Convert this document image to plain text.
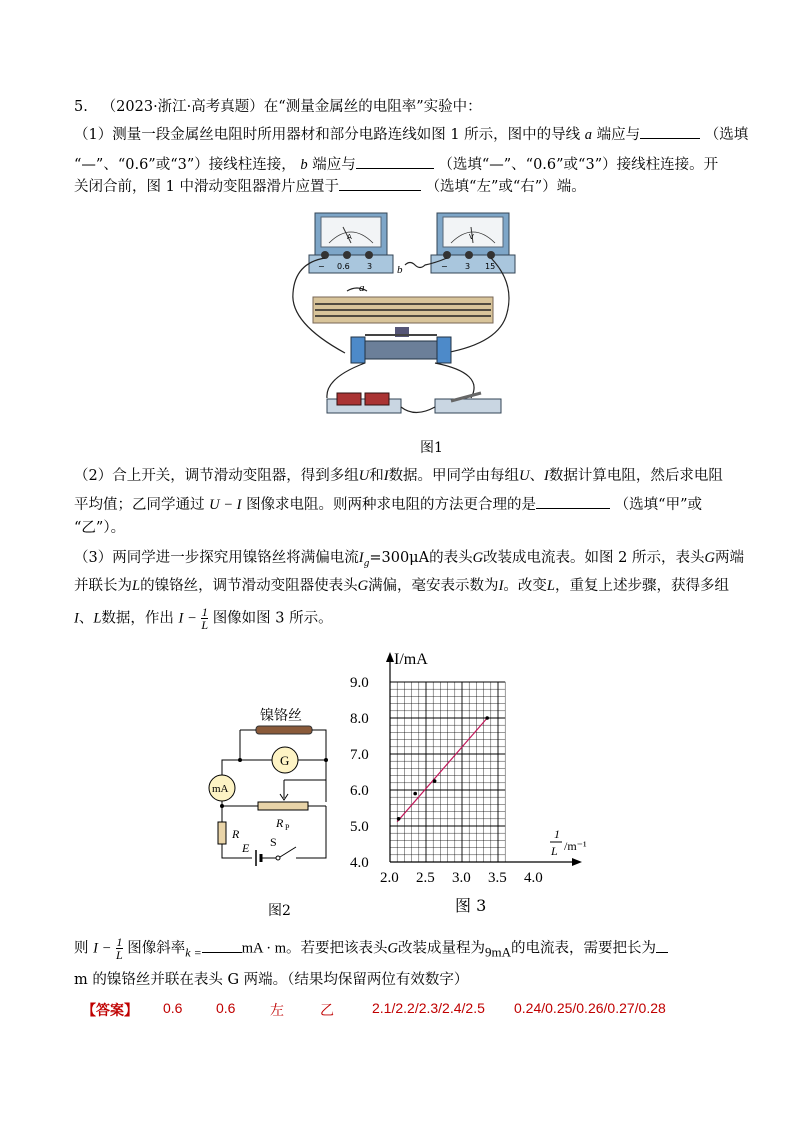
5. （2023·浙江·高考真题）在“测量金属丝的电阻率”实验中：
（1）测量一段金属丝电阻时所用器材和部分电路连线如图 1 所示，图中的导线 a 端应与	（选填
“—”、“0.6”或“3”）接线柱连接， b 端应与	（选填“—”、“0.6”或“3”）接线柱连接。开
关闭合前，图 1 中滑动变阻器滑片应置于	（选填“左”或“右”）端。
A
− 0.6 3
V
− 3 15
a
b
图1
（2）合上开关，调节滑动变阻器，得到多组U和I数据。甲同学由每组U、I数据计算电阻，然后求电阻
平均值；乙同学通过 U − I 图像求电阻。则两种求电阻的方法更合理的是	（选填“甲”或
“乙”）。
（3）两同学进一步探究用镍铬丝将满偏电流$I_g=300\mu A$的表头G改装成电流表。如图 2 所示，表头G两端
并联长为L的镍铬丝，调节滑动变阻器使表头G满偏，毫安表示数为I。改变L，重复上述步骤，获得多组
I、L数据，作出 $I - \frac{1}{L}$ 图像如图 3 所示。
镍铬丝
G
mA
R P
R
E S
图2
2.0 2.5 3.0 3.5 4.0
4.0
5.0
6.0
7.0
8.0
9.0
I/mA
1
L /m⁻¹
图 3
则 $I - \frac{1}{L}$ 图像斜率$_{k =}$	mA · m。若要把该表头G改装成量程为$_{9mA}$的电流表，需要把长为
m 的镍铬丝并联在表头 G 两端。（结果均保留两位有效数字）
【答案】 0.6 0.6 左	乙	2.1/2.2/2.3/2.4/2.5 0.24/0.25/0.26/0.27/0.28
